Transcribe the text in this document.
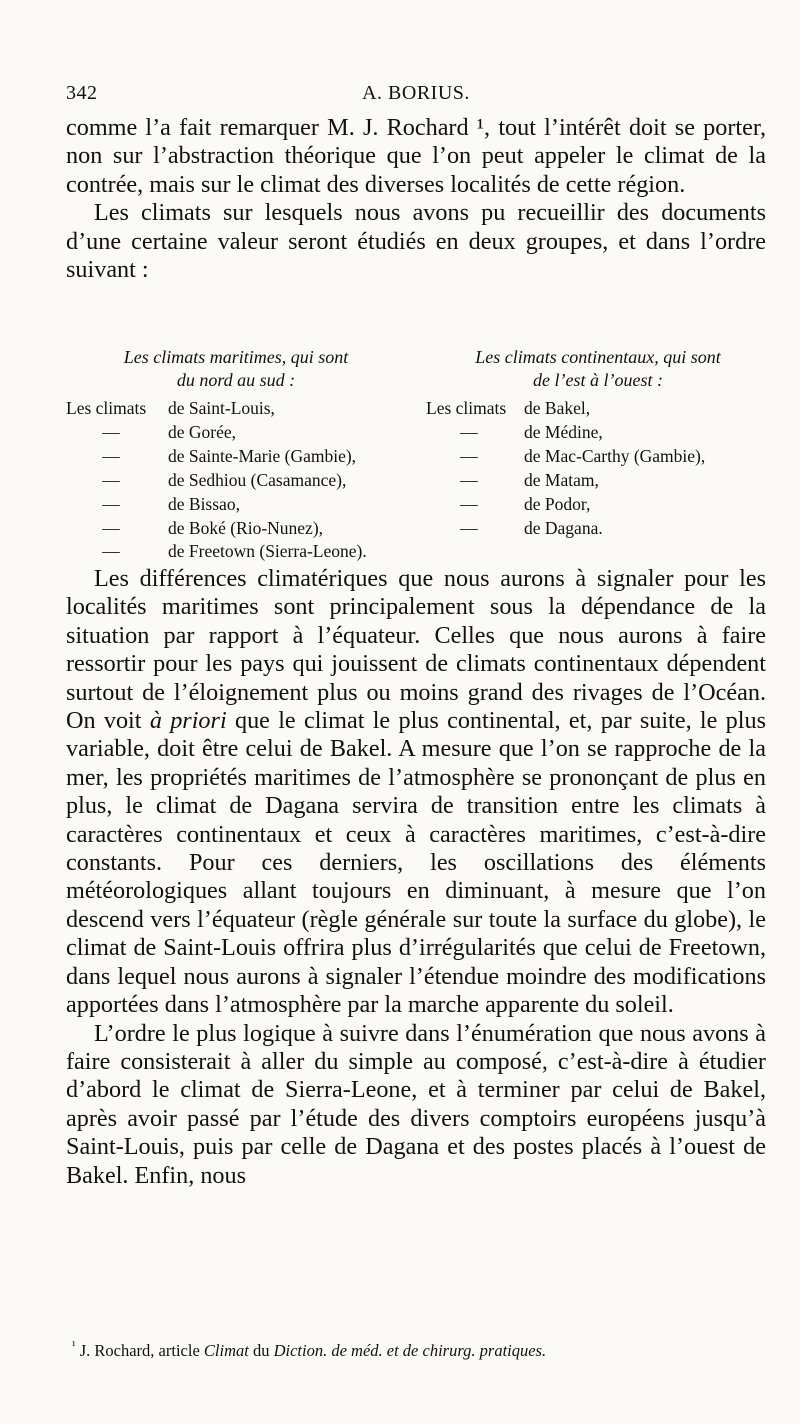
342	A. BORIUS.

comme l’a fait remarquer M. J. Rochard ¹, tout l’intérêt doit se porter, non sur l’abstraction théorique que l’on peut appeler le climat de la contrée, mais sur le climat des diverses localités de cette région.

Les climats sur lesquels nous avons pu recueillir des documents d’une certaine valeur seront étudiés en deux groupes, et dans l’ordre suivant :

Les climats maritimes, qui sont
du nord au sud :
Les climats continentaux, qui sont
de l’est à l’ouest :
Les climats de Saint-Louis,
—	de Gorée,
—	de Sainte-Marie (Gambie),
—	de Sedhiou (Casamance),
—	de Bissao,
—	de Boké (Rio-Nunez),
—	de Freetown (Sierra-Leone).
Les climats de Bakel,
—	de Médine,
—	de Mac-Carthy (Gambie),
—	de Matam,
—	de Podor,
—	de Dagana.

Les différences climatériques que nous aurons à signaler pour les localités maritimes sont principalement sous la dépendance de la situation par rapport à l’équateur. Celles que nous aurons à faire ressortir pour les pays qui jouissent de climats continentaux dépendent surtout de l’éloignement plus ou moins grand des rivages de l’Océan. On voit à priori que le climat le plus continental, et, par suite, le plus variable, doit être celui de Bakel. A mesure que l’on se rapproche de la mer, les propriétés maritimes de l’atmosphère se prononçant de plus en plus, le climat de Dagana servira de transition entre les climats à caractères continentaux et ceux à caractères maritimes, c’est-à-dire constants. Pour ces derniers, les oscillations des éléments météorologiques allant toujours en diminuant, à mesure que l’on descend vers l’équateur (règle générale sur toute la surface du globe), le climat de Saint-Louis offrira plus d’irrégularités que celui de Freetown, dans lequel nous aurons à signaler l’étendue moindre des modifications apportées dans l’atmosphère par la marche apparente du soleil.

L’ordre le plus logique à suivre dans l’énumération que nous avons à faire consisterait à aller du simple au composé, c’est-à-dire à étudier d’abord le climat de Sierra-Leone, et à terminer par celui de Bakel, après avoir passé par l’étude des divers comptoirs européens jusqu’à Saint-Louis, puis par celle de Dagana et des postes placés à l’ouest de Bakel. Enfin, nous

$^{^1}$ J. Rochard, article Climat du Diction. de méd. et de chirurg. pratiques.
